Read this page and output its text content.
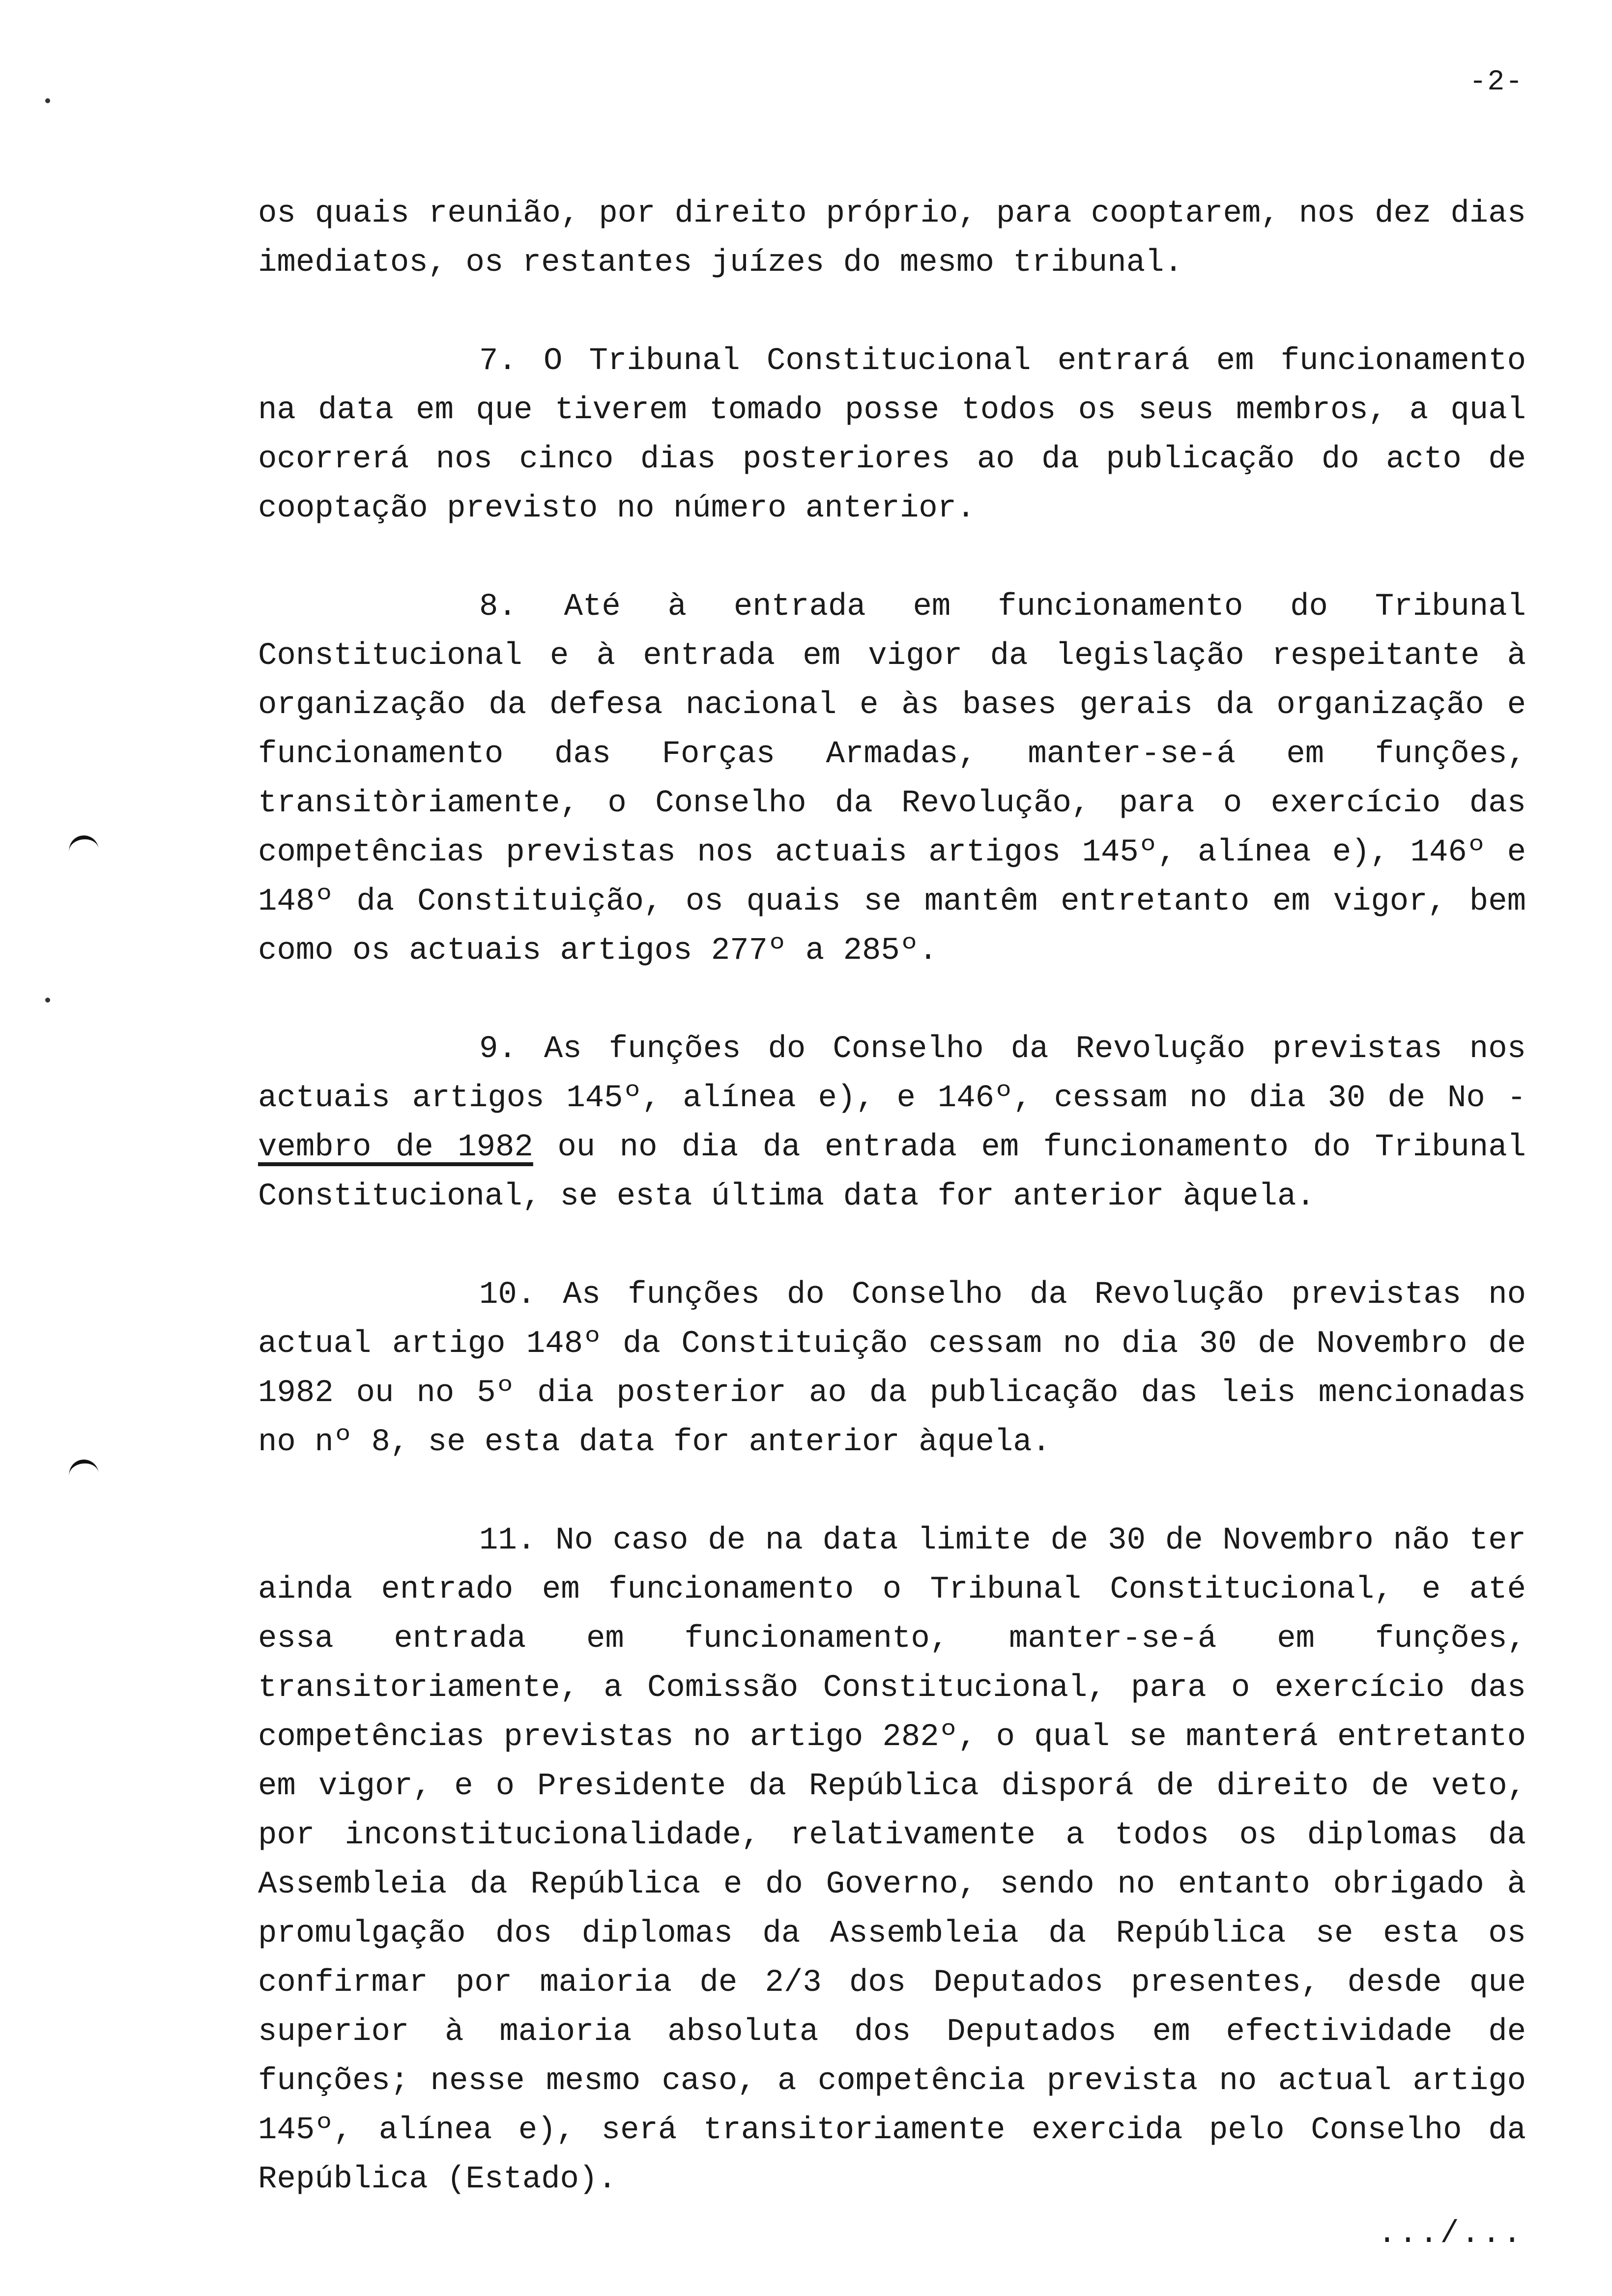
-2-

os quais reunião, por direito próprio, para cooptarem, nos dez dias imediatos, os restantes juízes do mesmo tribunal.

7. O Tribunal Constitucional entrará em funcionamento na data em que tiverem tomado posse todos os seus membros, a qual ocorrerá nos cinco dias posteriores ao da publicação do acto de cooptação previsto no número anterior.

8. Até à entrada em funcionamento do Tribunal Constitucional e à entrada em vigor da legislação respeitante à organização da defesa nacional e às bases gerais da organização e funcionamento das Forças Armadas, manter-se-á em funções, transitòriamente, o Conselho da Revolução, para o exercício das competências previstas nos actuais artigos 145º, alínea e), 146º e 148º da Constituição, os quais se mantêm entretanto em vigor, bem como os actuais artigos 277º a 285º.

9. As funções do Conselho da Revolução previstas nos actuais artigos 145º, alínea e), e 146º, cessam no dia 30 de No - vembro de 1982 ou no dia da entrada em funcionamento do Tribunal Constitucional, se esta última data for anterior àquela.

10. As funções do Conselho da Revolução previstas no actual artigo 148º da Constituição cessam no dia 30 de Novembro de 1982 ou no 5º dia posterior ao da publicação das leis mencionadas no nº 8, se esta data for anterior àquela.

11. No caso de na data limite de 30 de Novembro não ter ainda entrado em funcionamento o Tribunal Constitucional, e até essa entrada em funcionamento, manter-se-á em funções, transitoriamente, a Comissão Constitucional, para o exercício das competências previstas no artigo 282º, o qual se manterá entretanto em vigor, e o Presidente da República disporá de direito de veto, por inconstitucionalidade, relativamente a todos os diplomas da Assembleia da República e do Governo, sendo no entanto obrigado à promulgação dos diplomas da Assembleia da República se esta os confirmar por maioria de 2/3 dos Deputados presentes, desde que superior à maioria absoluta dos Deputados em efectividade de funções; nesse mesmo caso, a competência prevista no actual artigo 145º, alínea e), será transitoriamente exercida pelo Conselho da República (Estado).

.../...
